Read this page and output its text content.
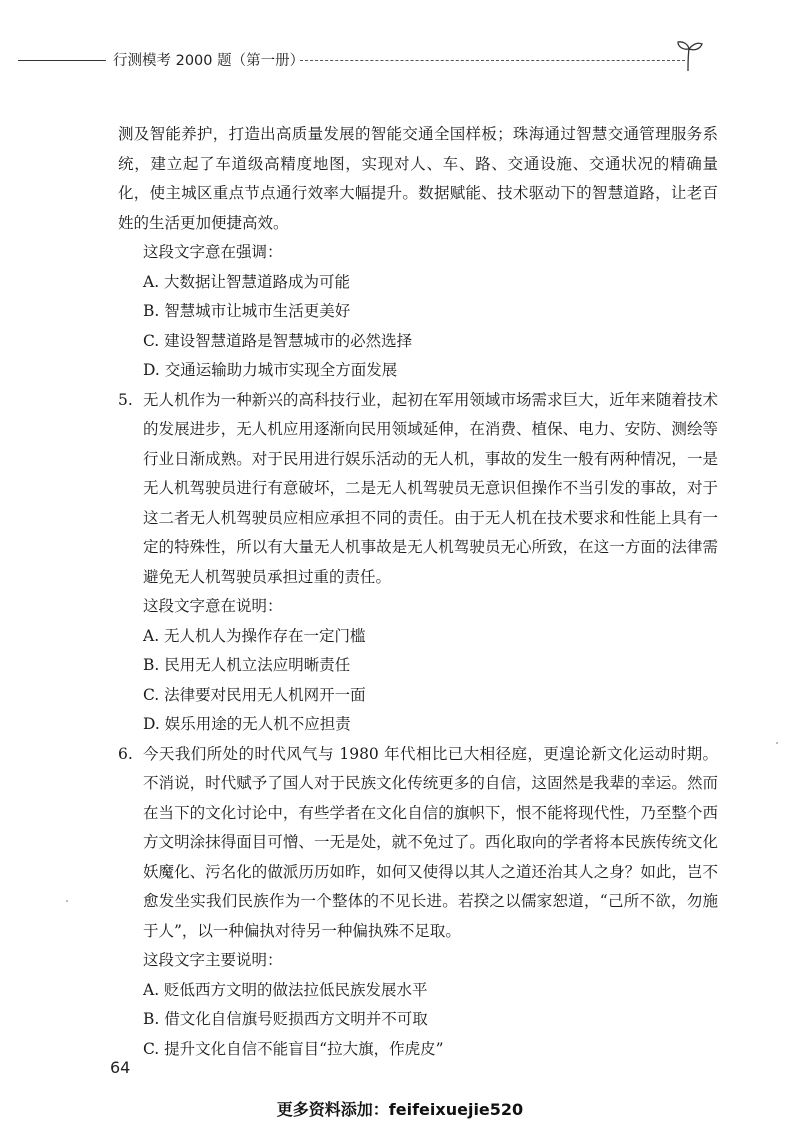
行测模考 2000 题（第一册）

测及智能养护，打造出高质量发展的智能交通全国样板；珠海通过智慧交通管理服务系统，建立起了车道级高精度地图，实现对人、车、路、交通设施、交通状况的精确量化，使主城区重点节点通行效率大幅提升。数据赋能、技术驱动下的智慧道路，让老百姓的生活更加便捷高效。

这段文字意在强调：

A. 大数据让智慧道路成为可能

B. 智慧城市让城市生活更美好

C. 建设智慧道路是智慧城市的必然选择

D. 交通运输助力城市实现全方面发展

5. 无人机作为一种新兴的高科技行业，起初在军用领域市场需求巨大，近年来随着技术的发展进步，无人机应用逐渐向民用领域延伸，在消费、植保、电力、安防、测绘等行业日渐成熟。对于民用进行娱乐活动的无人机，事故的发生一般有两种情况，一是无人机驾驶员进行有意破坏，二是无人机驾驶员无意识但操作不当引发的事故，对于这二者无人机驾驶员应相应承担不同的责任。由于无人机在技术要求和性能上具有一定的特殊性，所以有大量无人机事故是无人机驾驶员无心所致，在这一方面的法律需避免无人机驾驶员承担过重的责任。

这段文字意在说明：

A. 无人机人为操作存在一定门槛

B. 民用无人机立法应明晰责任

C. 法律要对民用无人机网开一面

D. 娱乐用途的无人机不应担责

6. 今天我们所处的时代风气与 1980 年代相比已大相径庭，更遑论新文化运动时期。不消说，时代赋予了国人对于民族文化传统更多的自信，这固然是我辈的幸运。然而在当下的文化讨论中，有些学者在文化自信的旗帜下，恨不能将现代性，乃至整个西方文明涂抹得面目可憎、一无是处，就不免过了。西化取向的学者将本民族传统文化妖魔化、污名化的做派历历如昨，如何又使得以其人之道还治其人之身？如此，岂不愈发坐实我们民族作为一个整体的不见长进。若揆之以儒家恕道，“己所不欲，勿施于人”，以一种偏执对待另一种偏执殊不足取。

这段文字主要说明：

A. 贬低西方文明的做法拉低民族发展水平

B. 借文化自信旗号贬损西方文明并不可取

C. 提升文化自信不能盲目“拉大旗，作虎皮”

64
更多资料添加：feifeixuejie520
